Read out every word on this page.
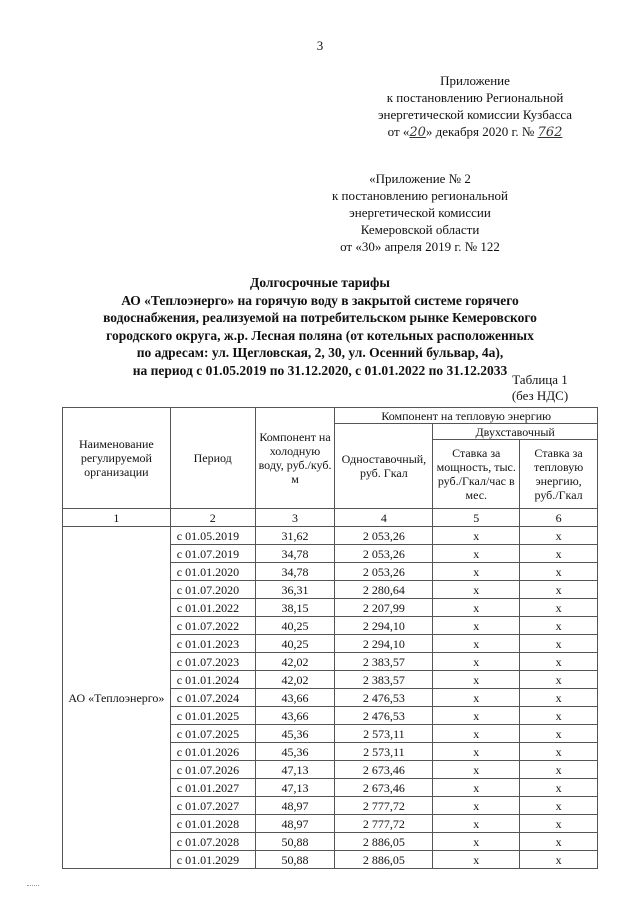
3
Приложение
к постановлению Региональной
энергетической комиссии Кузбасса
от «20» декабря 2020 г. № 762
«Приложение № 2
к постановлению региональной
энергетической комиссии
Кемеровской области
от «30» апреля 2019 г. № 122
Долгосрочные тарифы
АО «Теплоэнерго» на горячую воду в закрытой системе горячего
водоснабжения, реализуемой на потребительском рынке Кемеровского
городского округа, ж.р. Лесная поляна (от котельных расположенных
по адресам: ул. Щегловская, 2, 30, ул. Осенний бульвар, 4а),
на период с 01.05.2019 по 31.12.2020, с 01.01.2022 по 31.12.2033
Таблица 1
(без НДС)
Наименование регулируемой организации	Период	Компонент на холодную воду, руб./куб. м	Компонент на тепловую энергию		
			Одноставочный, руб. Гкал	Двухставочный	
				Ставка за мощность, тыс. руб./Гкал/час в мес.	Ставка за тепловую энергию, руб./Гкал
1	2	3	4	5	6
АО «Теплоэнерго»	с 01.05.2019	31,62	2 053,26	x	x
	с 01.07.2019	34,78	2 053,26	x	x
	с 01.01.2020	34,78	2 053,26	x	x
	с 01.07.2020	36,31	2 280,64	x	x
	с 01.01.2022	38,15	2 207,99	x	x
	с 01.07.2022	40,25	2 294,10	x	x
	с 01.01.2023	40,25	2 294,10	x	x
	с 01.07.2023	42,02	2 383,57	x	x
	с 01.01.2024	42,02	2 383,57	x	x
	с 01.07.2024	43,66	2 476,53	x	x
	с 01.01.2025	43,66	2 476,53	x	x
	с 01.07.2025	45,36	2 573,11	x	x
	с 01.01.2026	45,36	2 573,11	x	x
	с 01.07.2026	47,13	2 673,46	x	x
	с 01.01.2027	47,13	2 673,46	x	x
	с 01.07.2027	48,97	2 777,72	x	x
	с 01.01.2028	48,97	2 777,72	x	x
	с 01.07.2028	50,88	2 886,05	x	x
	с 01.01.2029	50,88	2 886,05	x	x
